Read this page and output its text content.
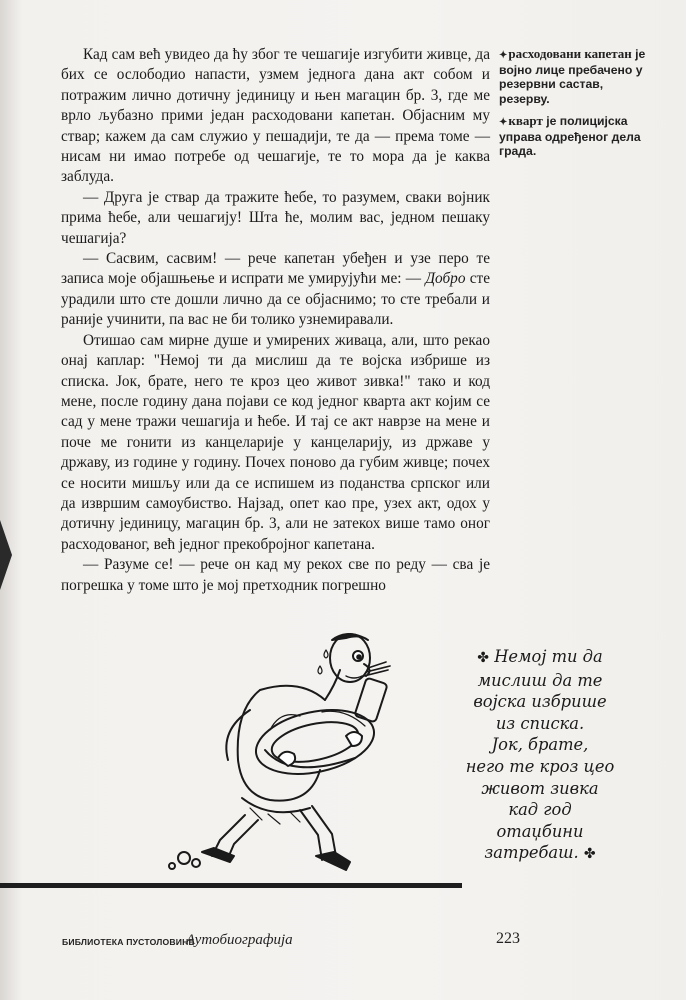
Кад сам већ увидео да ћу због те чешагије изгубити живце, да бих се ослободио напасти, узмем једнога дана акт собом и потражим лично дотичну јединицу и њен магацин бр. 3, где ме врло љубазно прими један расходовани капетан. Објасним му ствар; кажем да сам служио у пешадији, те да — према томе — нисам ни имао потребе од чешагије, те то мора да је каква заблуда.

— Друга је ствар да тражите ћебе, то разумем, сваки војник прима ћебе, али чешагију! Шта ће, молим вас, једном пешаку чешагија?

— Сасвим, сасвим! — рече капетан убеђен и узе перо те записа моје објашњење и испрати ме умирујући ме: — Добро сте урадили што сте дошли лично да се објаснимо; то сте требали и раније учинити, па вас не би толико узнемиравали.

Отишао сам мирне душе и умирених живаца, али, што рекао онај каплар: "Немој ти да мислиш да те војска избрише из списка. Јок, брате, него те кроз цео живот зивка!" тако и код мене, после годину дана појави се код једног кварта акт којим се сад у мене тражи чешагија и ћебе. И тај се акт наврзе на мене и поче ме гонити из канцеларије у канцеларију, из државе у државу, из године у годину. Почех поново да губим живце; почех се носити мишљу или да се испишем из поданства српског или да извршим самоубиство. Најзад, опет као пре, узех акт, одох у дотичну јединицу, магацин бр. 3, али не затекох више тамо оног расходованог, већ једног прекобројног капетана.

— Разуме се! — рече он кад му рекох све по реду — сва је погрешка у томе што је мој претходник погрешно

✦расходовани капетан је војно лице пребачено у резервни састав, резерву.
✦кварт је полицијска управа одређеног дела града.
✤ Немој ти да
мислиш да те
војска избрише
из списка.
Јок, брате,
него те кроз цео
живот зивка
кад год
отаџбини
затребаш. ✤
БИБЛИОТЕКА ПУСТОЛОВИНЕ
Аутобиографија	223
